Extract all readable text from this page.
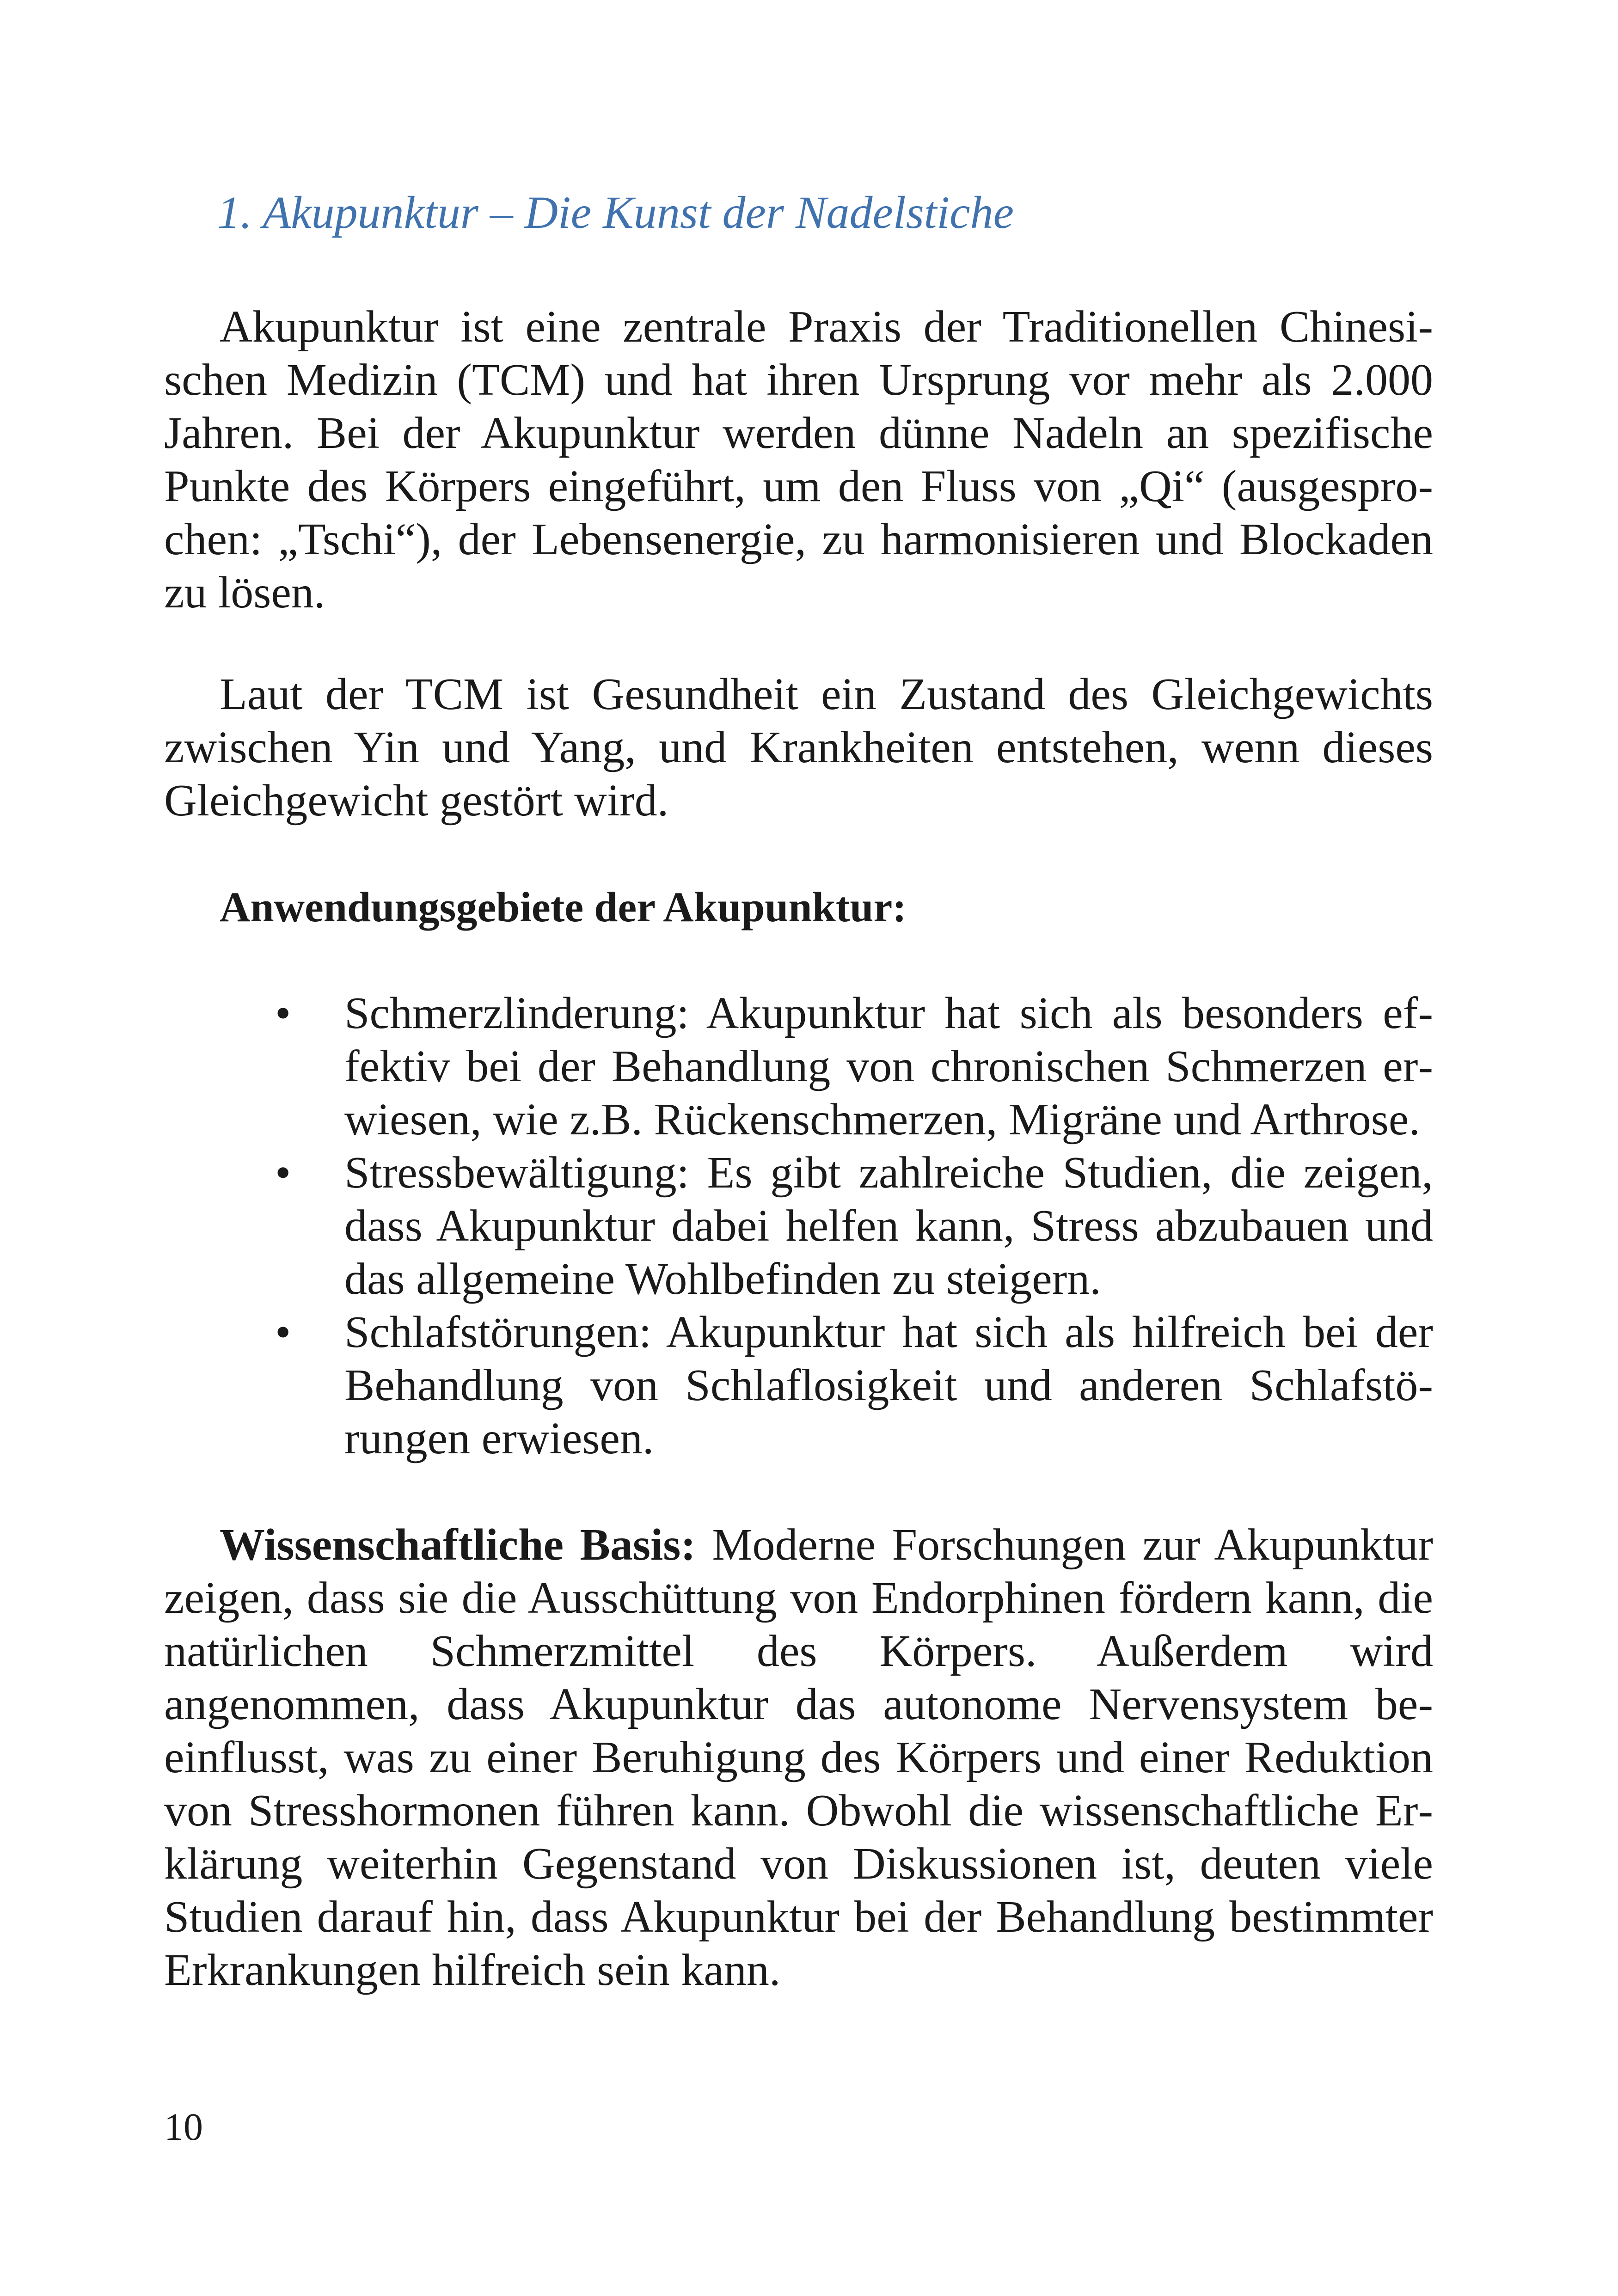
1. Akupunktur – Die Kunst der Nadelstiche

Akupunktur ist eine zentrale Praxis der Traditionellen Chinesischen Medizin (TCM) und hat ihren Ursprung vor mehr als 2.000 Jahren. Bei der Akupunktur werden dünne Nadeln an spezifische Punkte des Körpers eingeführt, um den Fluss von „Qi“ (ausgesprochen: „Tschi“), der Lebensenergie, zu harmonisieren und Blockaden zu lösen.

Laut der TCM ist Gesundheit ein Zustand des Gleichgewichts zwischen Yin und Yang, und Krankheiten entstehen, wenn dieses Gleichgewicht gestört wird.

Anwendungsgebiete der Akupunktur:
• Schmerzlinderung: Akupunktur hat sich als besonders effektiv bei der Behandlung von chronischen Schmerzen erwiesen, wie z.B. Rückenschmerzen, Migräne und Arthrose.
• Stressbewältigung: Es gibt zahlreiche Studien, die zeigen, dass Akupunktur dabei helfen kann, Stress abzubauen und das allgemeine Wohlbefinden zu steigern.
• Schlafstörungen: Akupunktur hat sich als hilfreich bei der Behandlung von Schlaflosigkeit und anderen Schlafstörungen erwiesen.

Wissenschaftliche Basis: Moderne Forschungen zur Akupunktur zeigen, dass sie die Ausschüttung von Endorphinen fördern kann, die natürlichen Schmerzmittel des Körpers. Außerdem wird angenommen, dass Akupunktur das autonome Nervensystem beeinflusst, was zu einer Beruhigung des Körpers und einer Reduktion von Stresshormonen führen kann. Obwohl die wissenschaftliche Erklärung weiterhin Gegenstand von Diskussionen ist, deuten viele Studien darauf hin, dass Akupunktur bei der Behandlung bestimmter Erkrankungen hilfreich sein kann.

10
